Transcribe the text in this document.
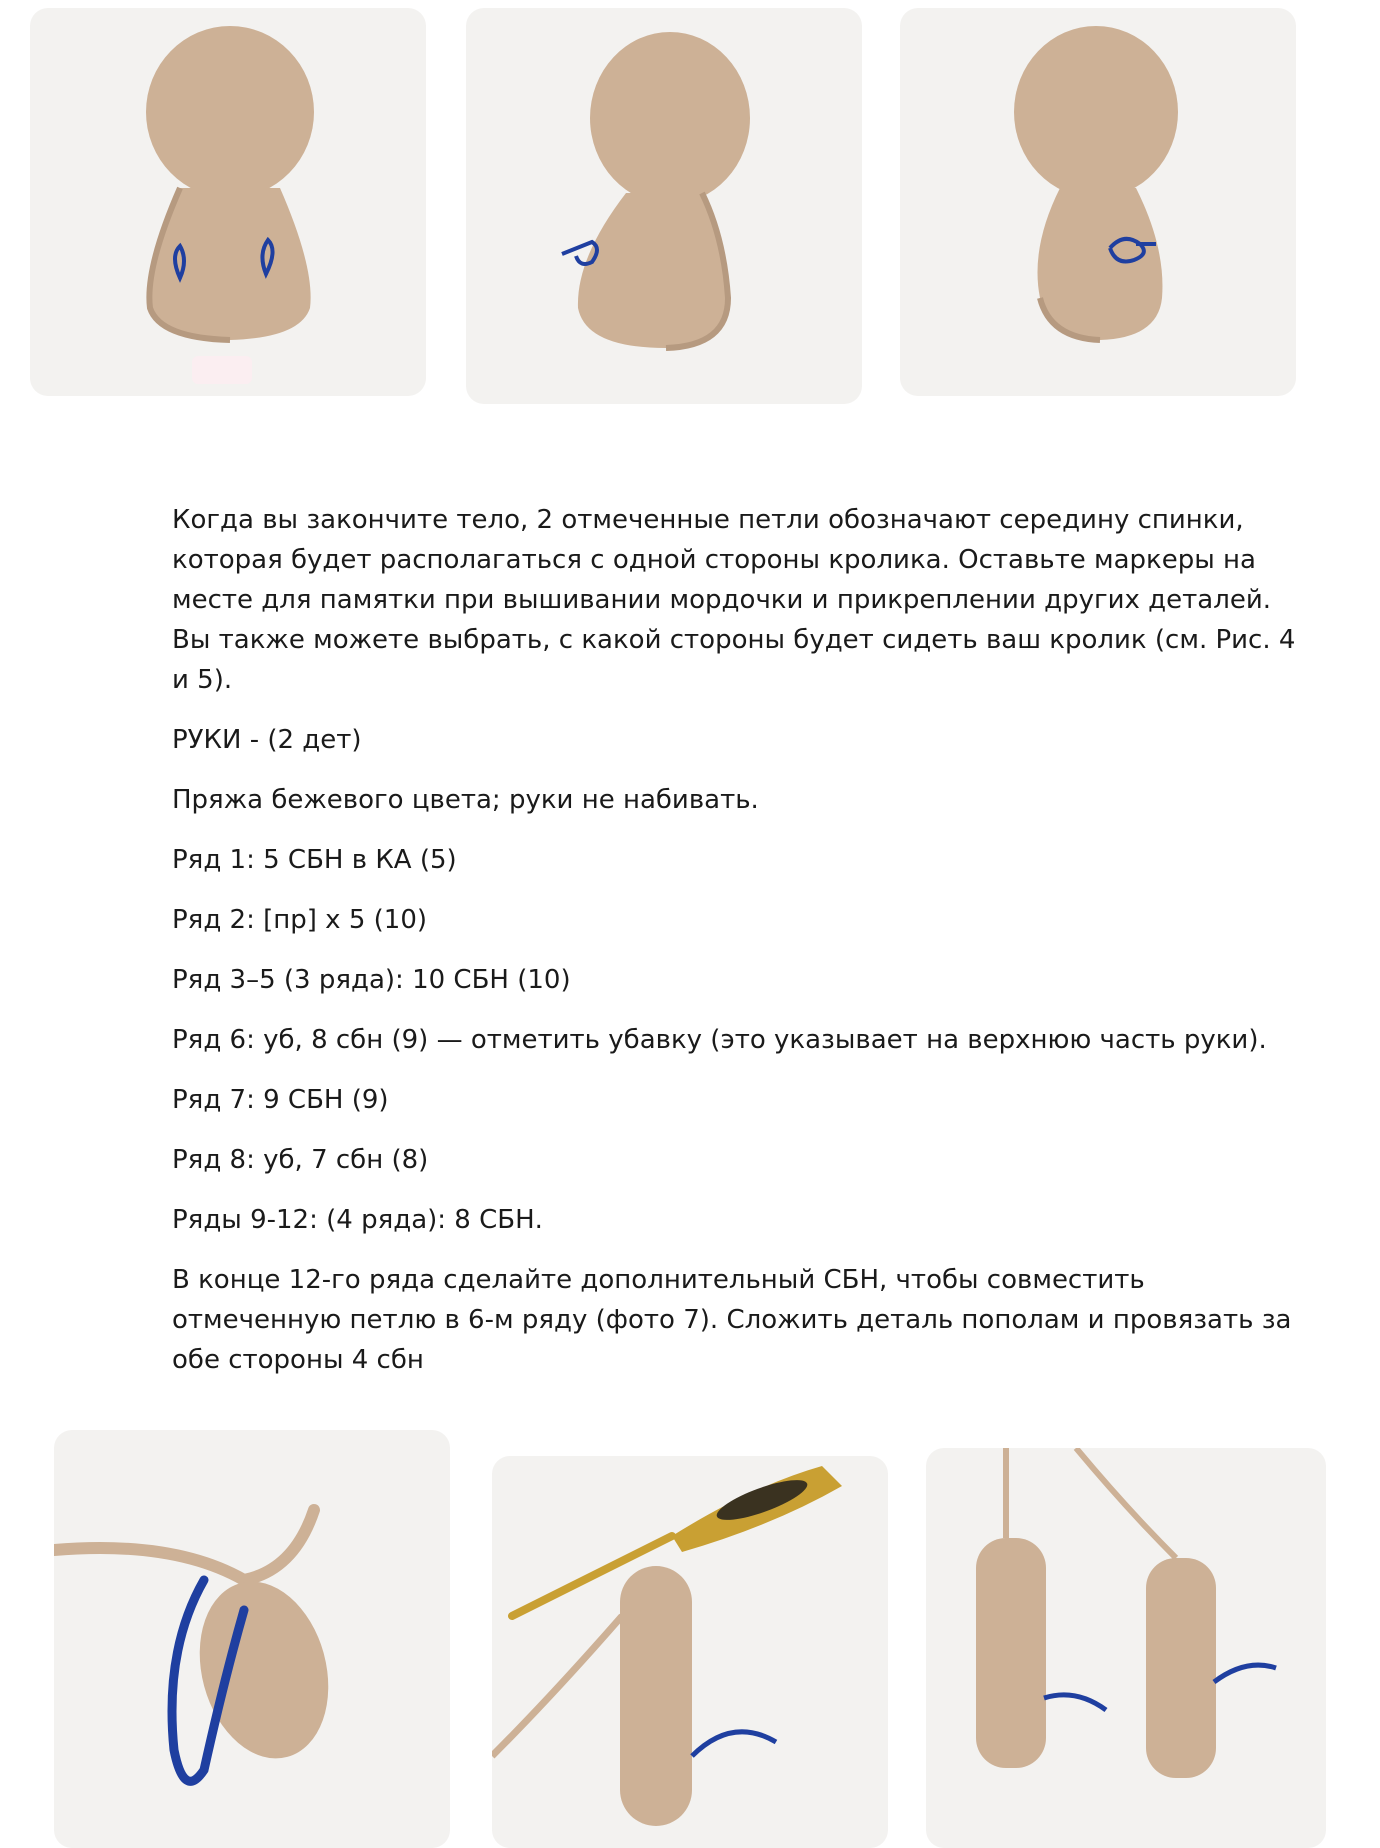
Когда вы закончите тело, 2 отмеченные петли обозначают середину спинки, которая будет располагаться с одной стороны кролика. Оставьте маркеры на месте для памятки при вышивании мордочки и прикреплении других деталей. Вы также можете выбрать, с какой стороны будет сидеть ваш кролик (см. Рис. 4 и 5).

РУКИ - (2 дет)

Пряжа бежевого цвета; руки не набивать.

Ряд 1: 5 СБН в КА (5)

Ряд 2: [пр] x 5 (10)

Ряд 3–5 (3 ряда): 10 СБН (10)

Ряд 6: уб, 8 сбн (9) — отметить убавку (это указывает на верхнюю часть руки).

Ряд 7: 9 СБН (9)

Ряд 8: уб, 7 сбн (8)

Ряды 9-12: (4 ряда): 8 СБН.

В конце 12-го ряда сделайте дополнительный СБН, чтобы совместить отмеченную петлю в 6-м ряду (фото 7). Сложить деталь пополам и провязать за обе стороны 4 сбн
